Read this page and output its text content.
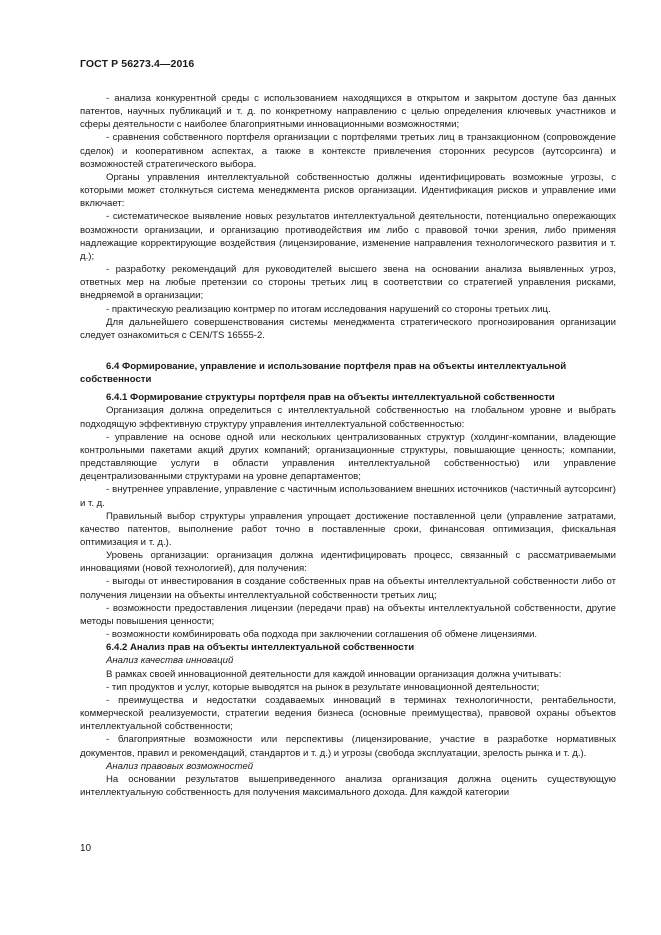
ГОСТ Р 56273.4—2016

- анализа конкурентной среды с использованием находящихся в открытом и закрытом доступе баз данных патентов, научных публикаций и т. д. по конкретному направлению с целью определения ключевых участников и сферы деятельности с наиболее благоприятными инновационными возможностями;

- сравнения собственного портфеля организации с портфелями третьих лиц в транзакционном (сопровождение сделок) и кооперативном аспектах, а также в контексте привлечения сторонних ресурсов (аутсорсинга) и возможностей стратегического выбора.

Органы управления интеллектуальной собственностью должны идентифицировать возможные угрозы, с которыми может столкнуться система менеджмента рисков организации. Идентификация рисков и управление ими включает:

- систематическое выявление новых результатов интеллектуальной деятельности, потенциально опережающих возможности организации, и организацию противодействия им либо с правовой точки зрения, либо применяя надлежащие корректирующие воздействия (лицензирование, изменение направления технологического развития и т. д.);

- разработку рекомендаций для руководителей высшего звена на основании анализа выявленных угроз, ответных мер на любые претензии со стороны третьих лиц в соответствии со стратегией управления рисками, внедряемой в организации;

- практическую реализацию контрмер по итогам исследования нарушений со стороны третьих лиц.

Для дальнейшего совершенствования системы менеджмента стратегического прогнозирования организации следует ознакомиться с CEN/TS 16555-2.

6.4 Формирование, управление и использование портфеля прав на объекты интеллектуальной собственности

6.4.1 Формирование структуры портфеля прав на объекты интеллектуальной собственности

Организация должна определиться с интеллектуальной собственностью на глобальном уровне и выбрать подходящую эффективную структуру управления интеллектуальной собственностью:

- управление на основе одной или нескольких централизованных структур (холдинг-компании, владеющие контрольными пакетами акций других компаний; организационные структуры, повышающие ценность; компании, представляющие услуги в области управления интеллектуальной собственностью) или управление децентрализованными структурами на уровне департаментов;

- внутреннее управление, управление с частичным использованием внешних источников (частичный аутсорсинг) и т. д.

Правильный выбор структуры управления упрощает достижение поставленной цели (управление затратами, качество патентов, выполнение работ точно в поставленные сроки, финансовая оптимизация, фискальная оптимизация и т. д.).

Уровень организации: организация должна идентифицировать процесс, связанный с рассматриваемыми инновациями (новой технологией), для получения:

- выгоды от инвестирования в создание собственных прав на объекты интеллектуальной собственности либо от получения лицензии на объекты интеллектуальной собственности третьих лиц;

- возможности предоставления лицензии (передачи прав) на объекты интеллектуальной собственности, другие методы повышения ценности;

- возможности комбинировать оба подхода при заключении соглашения об обмене лицензиями.

6.4.2 Анализ прав на объекты интеллектуальной собственности

Анализ качества инноваций

В рамках своей инновационной деятельности для каждой инновации организация должна учитывать:

- тип продуктов и услуг, которые выводятся на рынок в результате инновационной деятельности;

- преимущества и недостатки создаваемых инноваций в терминах технологичности, рентабельности, коммерческой реализуемости, стратегии ведения бизнеса (основные преимущества), правовой охраны объектов интеллектуальной собственности;

- благоприятные возможности или перспективы (лицензирование, участие в разработке нормативных документов, правил и рекомендаций, стандартов и т. д.) и угрозы (свобода эксплуатации, зрелость рынка и т. д.).

Анализ правовых возможностей

На основании результатов вышеприведенного анализа организация должна оценить существующую интеллектуальную собственность для получения максимального дохода. Для каждой категории

10
